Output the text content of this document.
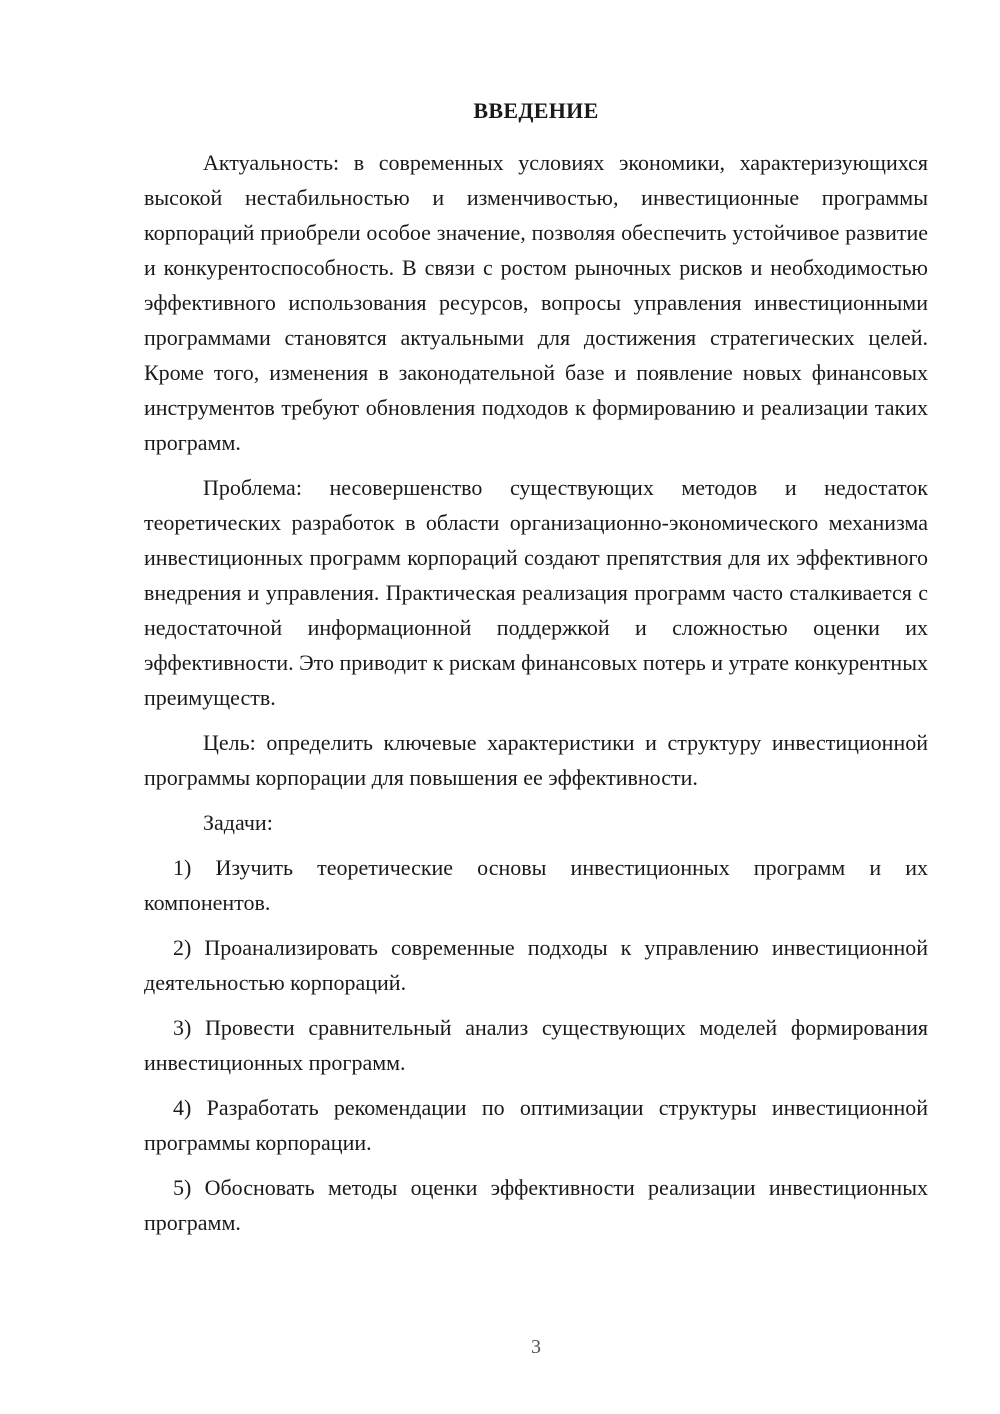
ВВЕДЕНИЕ

Актуальность: в современных условиях экономики, характеризующихся высокой нестабильностью и изменчивостью, инвестиционные программы корпораций приобрели особое значение, позволяя обеспечить устойчивое развитие и конкурентоспособность. В связи с ростом рыночных рисков и необходимостью эффективного использования ресурсов, вопросы управления инвестиционными программами становятся актуальными для достижения стратегических целей. Кроме того, изменения в законодательной базе и появление новых финансовых инструментов требуют обновления подходов к формированию и реализации таких программ.

Проблема: несовершенство существующих методов и недостаток теоретических разработок в области организационно-экономического механизма инвестиционных программ корпораций создают препятствия для их эффективного внедрения и управления. Практическая реализация программ часто сталкивается с недостаточной информационной поддержкой и сложностью оценки их эффективности. Это приводит к рискам финансовых потерь и утрате конкурентных преимуществ.

Цель: определить ключевые характеристики и структуру инвестиционной программы корпорации для повышения ее эффективности.

Задачи:

1) Изучить теоретические основы инвестиционных программ и их компонентов.

2) Проанализировать современные подходы к управлению инвестиционной деятельностью корпораций.

3) Провести сравнительный анализ существующих моделей формирования инвестиционных программ.

4) Разработать рекомендации по оптимизации структуры инвестиционной программы корпорации.

5) Обосновать методы оценки эффективности реализации инвестиционных программ.

3
